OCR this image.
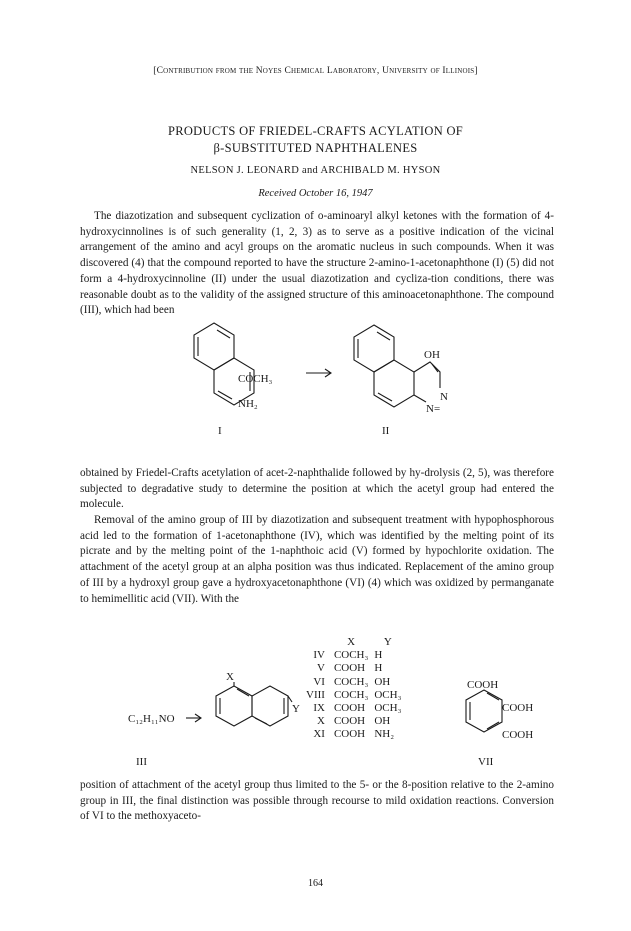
[Contribution from the Noyes Chemical Laboratory, University of Illinois]
PRODUCTS OF FRIEDEL-CRAFTS ACYLATION OF
β-SUBSTITUTED NAPHTHALENES
NELSON J. LEONARD and ARCHIBALD M. HYSON
Received October 16, 1947

The diazotization and subsequent cyclization of o-aminoaryl alkyl ketones with the formation of 4-hydroxycinnolines is of such generality (1, 2, 3) as to serve as a positive indication of the vicinal arrangement of the amino and acyl groups on the aromatic nucleus in such compounds. When it was discovered (4) that the compound reported to have the structure 2-amino-1-acetonaphthone (I) (5) did not form a 4-hydroxycinnoline (II) under the usual diazotization and cycliza-tion conditions, there was reasonable doubt as to the validity of the assigned structure of this aminoacetonaphthone. The compound (III), which had been

COCH₃
NH₂
OH
N
N=
I	II

obtained by Friedel-Crafts acetylation of acet-2-naphthalide followed by hy-drolysis (2, 5), was therefore subjected to degradative study to determine the position at which the acetyl group had entered the molecule.

Removal of the amino group of III by diazotization and subsequent treatment with hypophosphorous acid led to the formation of 1-acetonaphthone (IV), which was identified by the melting point of its picrate and by the melting point of the 1-naphthoic acid (V) formed by hypochlorite oxidation. The attachment of the acetyl group at an alpha position was thus indicated. Replacement of the amino group of III by a hydroxyl group gave a hydroxyacetonaphthone (VI) (4) which was oxidized by permanganate to hemimellitic acid (VII). With the

C₁₂H₁₁NO
X
Y
COOH
COOH
COOH
III	VII
	X	Y
IV	COCH₃	H
V	COOH	H
VI	COCH₃	OH
VIII	COCH₃	OCH₃
IX	COOH	OCH₃
X	COOH	OH
XI	COOH	NH₂

position of attachment of the acetyl group thus limited to the 5- or the 8-position relative to the 2-amino group in III, the final distinction was possible through recourse to mild oxidation reactions. Conversion of VI to the methoxyaceto-

164
